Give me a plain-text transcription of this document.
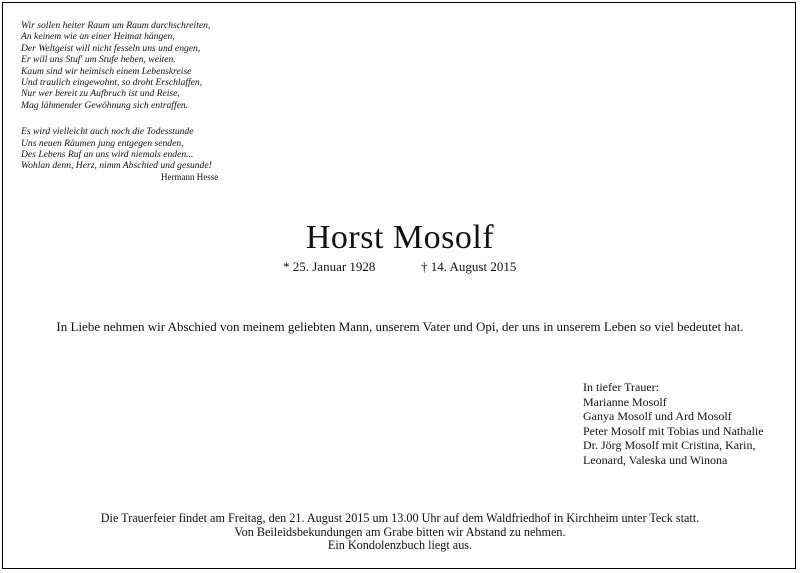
Wir sollen heiter Raum um Raum durchschreiten,
An keinem wie an einer Heimat hängen,
Der Weltgeist will nicht fesseln uns und engen,
Er will uns Stuf' um Stufe heben, weiten.
Kaum sind wir heimisch einem Lebenskreise
Und traulich eingewohnt, so droht Erschlaffen,
Nur wer bereit zu Aufbruch ist und Reise,
Mag lähmender Gewöhnung sich entraffen.
Es wird vielleicht auch noch die Todesstunde
Uns neuen Räumen jung entgegen senden,
Des Lebens Ruf an uns wird niemals enden...
Wohlan denn, Herz, nimm Abschied und gesunde!
Hermann Hesse
Horst Mosolf
* 25. Januar 1928	† 14. August 2015
In Liebe nehmen wir Abschied von meinem geliebten Mann, unserem Vater und Opi, der uns in unserem Leben so viel bedeutet hat.
In tiefer Trauer:
Marianne Mosolf
Ganya Mosolf und Ard Mosolf
Peter Mosolf mit Tobias und Nathalie
Dr. Jörg Mosolf mit Cristina, Karin,
Leonard, Valeska und Winona
Die Trauerfeier findet am Freitag, den 21. August 2015 um 13.00 Uhr auf dem Waldfriedhof in Kirchheim unter Teck statt.
Von Beileidsbekundungen am Grabe bitten wir Abstand zu nehmen.
Ein Kondolenzbuch liegt aus.
